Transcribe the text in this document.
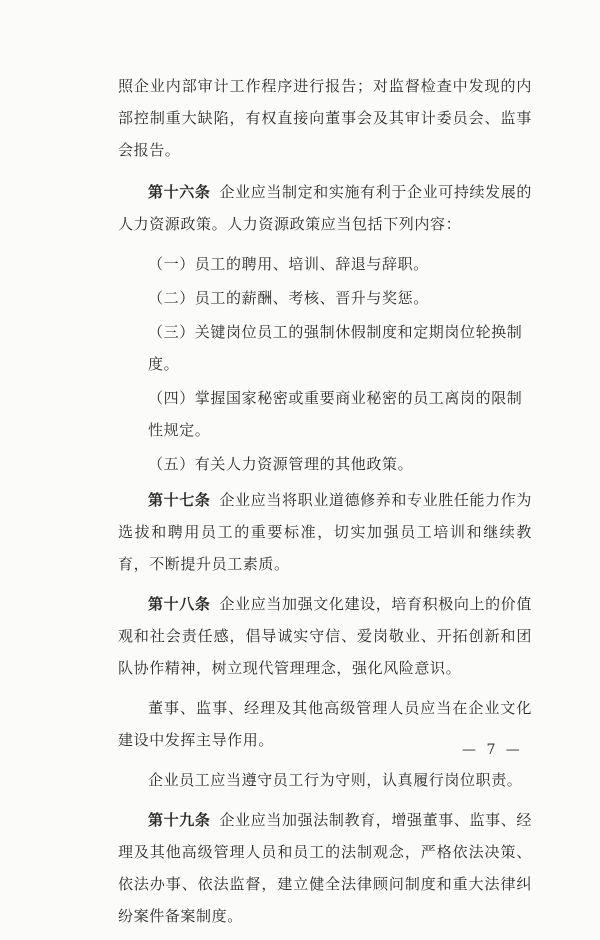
照企业内部审计工作程序进行报告；对监督检查中发现的内部控制重大缺陷，有权直接向董事会及其审计委员会、监事会报告。

第十六条 企业应当制定和实施有利于企业可持续发展的人力资源政策。人力资源政策应当包括下列内容：

（一）员工的聘用、培训、辞退与辞职。

（二）员工的薪酬、考核、晋升与奖惩。

（三）关键岗位员工的强制休假制度和定期岗位轮换制度。

（四）掌握国家秘密或重要商业秘密的员工离岗的限制性规定。

（五）有关人力资源管理的其他政策。

第十七条 企业应当将职业道德修养和专业胜任能力作为选拔和聘用员工的重要标准，切实加强员工培训和继续教育，不断提升员工素质。

第十八条 企业应当加强文化建设，培育积极向上的价值观和社会责任感，倡导诚实守信、爱岗敬业、开拓创新和团队协作精神，树立现代管理理念，强化风险意识。

董事、监事、经理及其他高级管理人员应当在企业文化建设中发挥主导作用。

企业员工应当遵守员工行为守则，认真履行岗位职责。

第十九条 企业应当加强法制教育，增强董事、监事、经理及其他高级管理人员和员工的法制观念，严格依法决策、依法办事、依法监督，建立健全法律顾问制度和重大法律纠纷案件备案制度。

— 7 —
